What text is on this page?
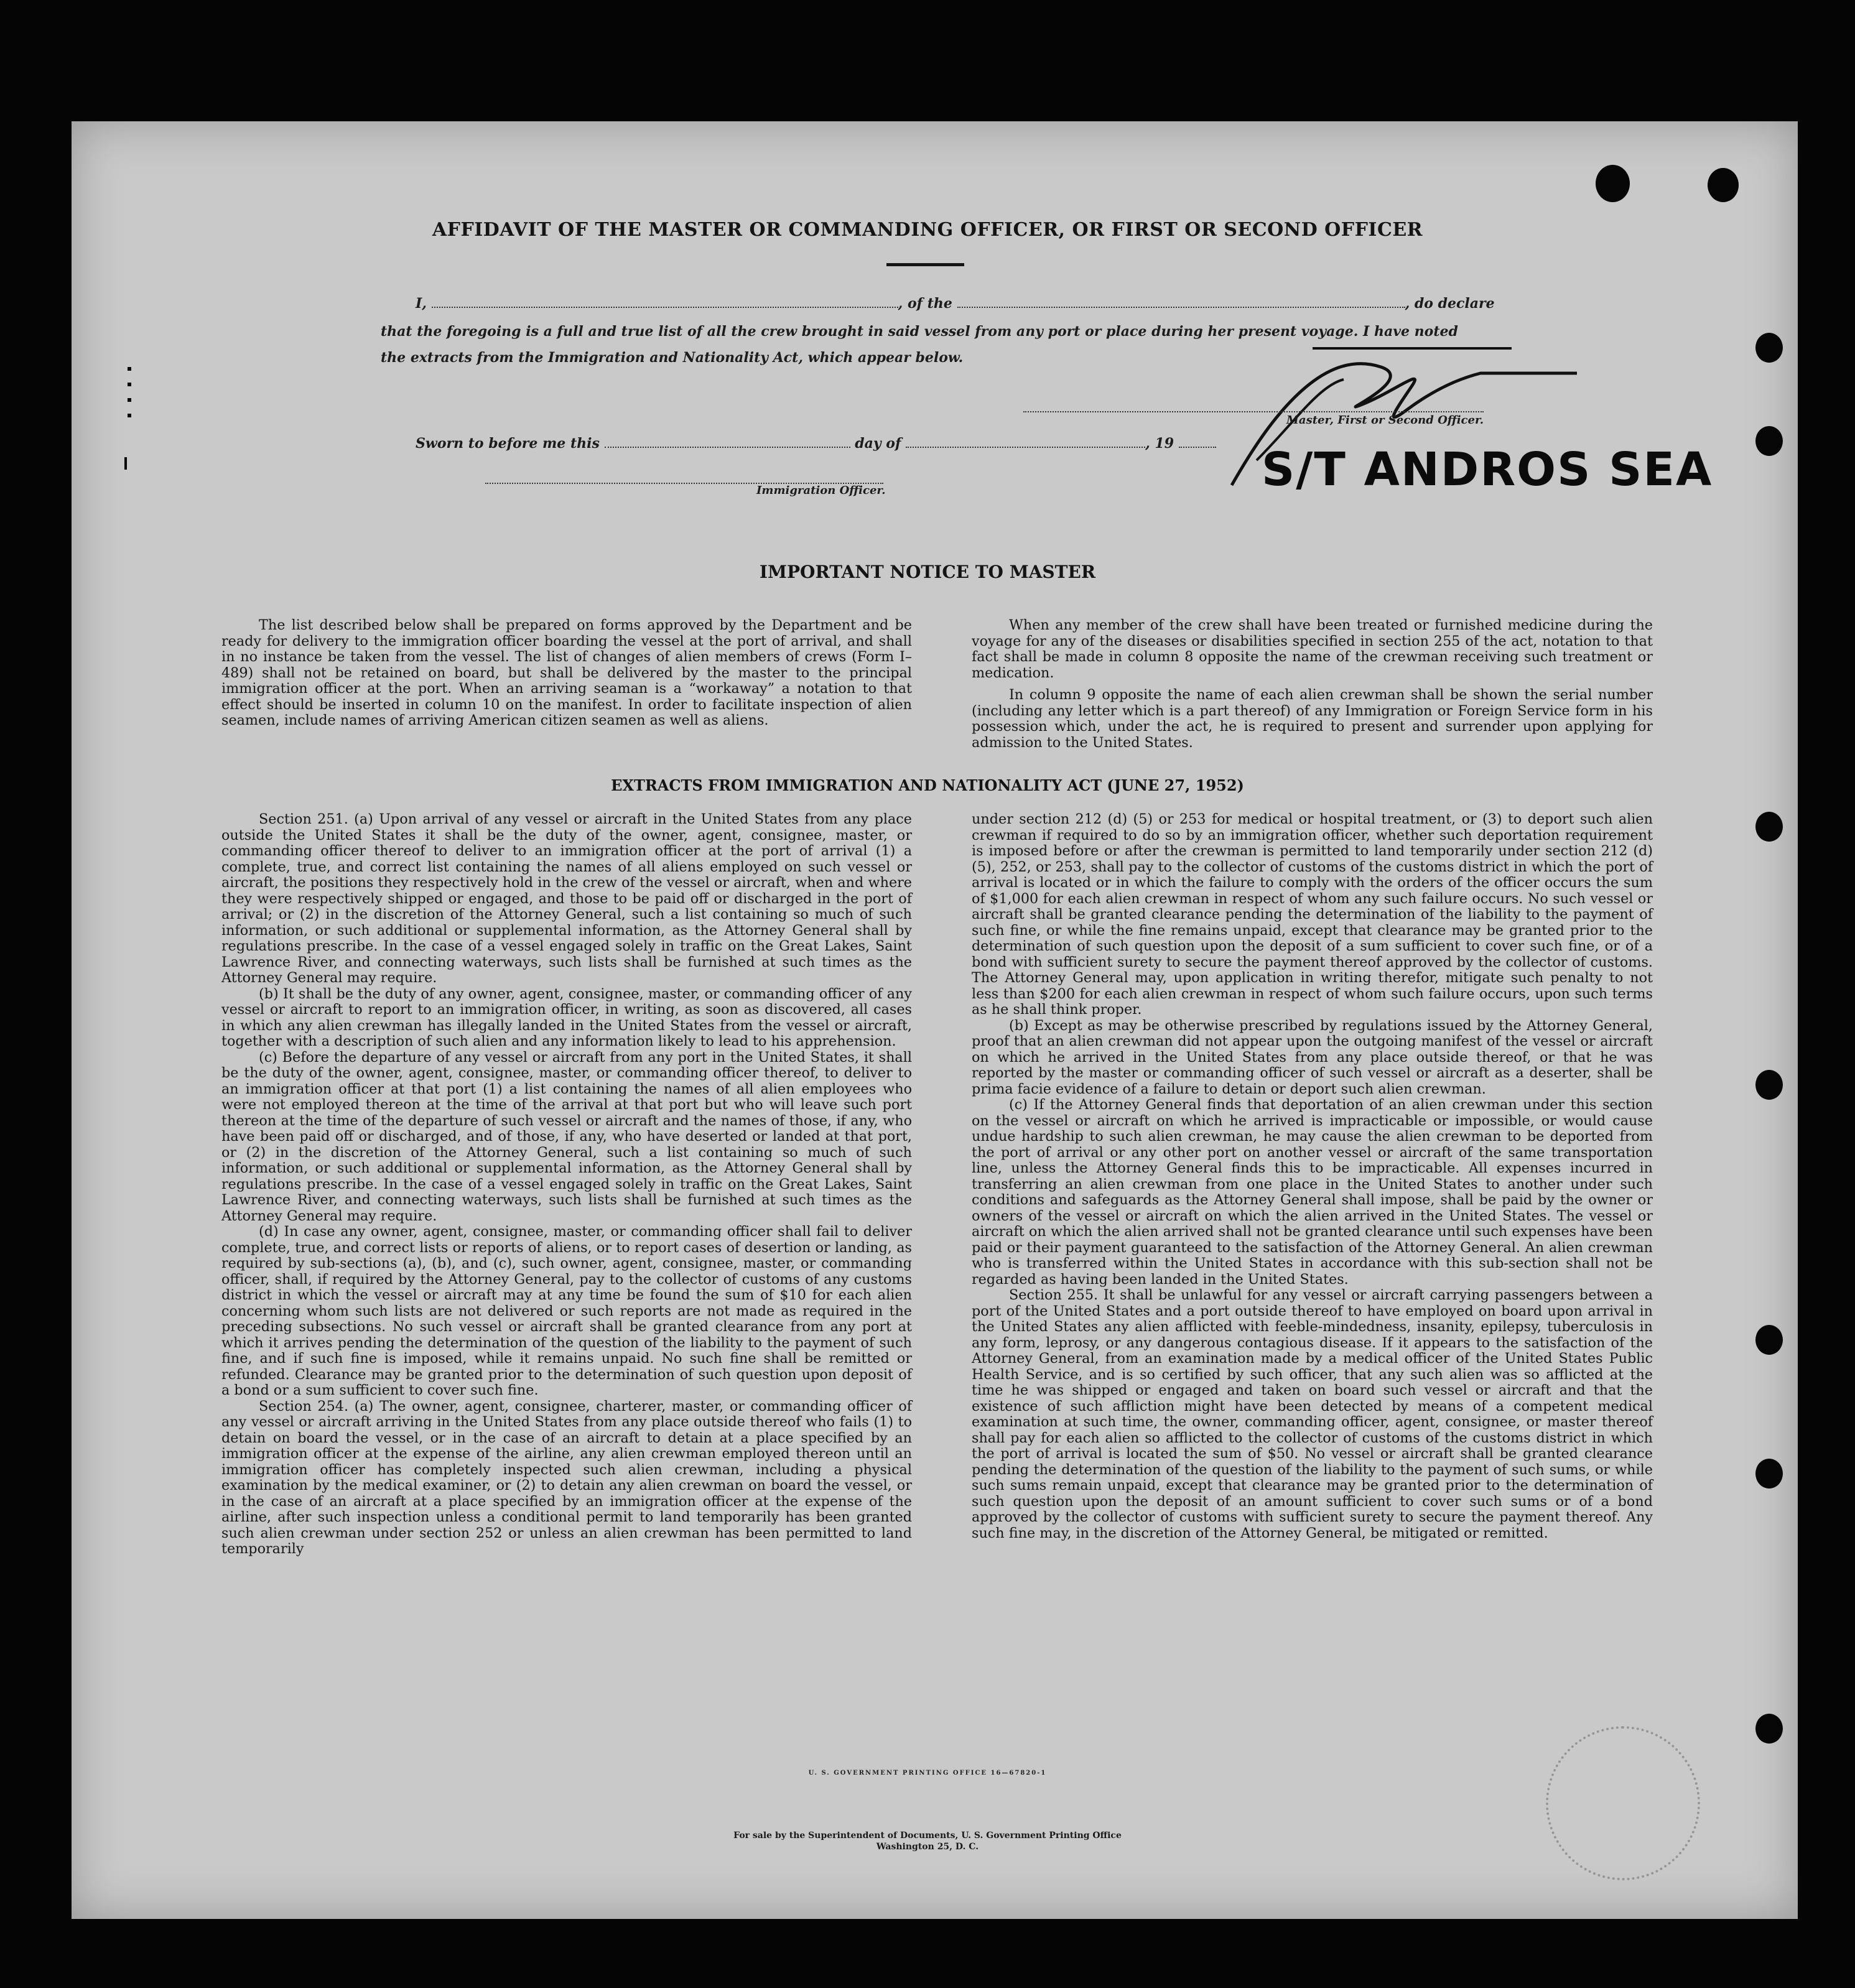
AFFIDAVIT OF THE MASTER OR COMMANDING OFFICER, OR FIRST OR SECOND OFFICER
I,	, of the	, do declare
that the foregoing is a full and true list of all the crew brought in said vessel from any port or place during her present voyage. I have noted
the extracts from the Immigration and Nationality Act, which appear below.
Master, First or Second Officer.
Sworn to before me this	day of	, 19
Immigration Officer.	S/T ANDROS SEA
IMPORTANT NOTICE TO MASTER

The list described below shall be prepared on forms approved by the Department and be ready for delivery to the immigration officer boarding the vessel at the port of arrival, and shall in no instance be taken from the vessel. The list of changes of alien members of crews (Form I–489) shall not be retained on board, but shall be delivered by the master to the principal immigration officer at the port. When an arriving seaman is a “workaway” a notation to that effect should be inserted in column 10 on the manifest. In order to facilitate inspection of alien seamen, include names of arriving American citizen seamen as well as aliens.

When any member of the crew shall have been treated or furnished medicine during the voyage for any of the diseases or disabilities specified in section 255 of the act, notation to that fact shall be made in column 8 opposite the name of the crewman receiving such treatment or medication.

In column 9 opposite the name of each alien crewman shall be shown the serial number (including any letter which is a part thereof) of any Immigration or Foreign Service form in his possession which, under the act, he is required to present and surrender upon applying for admission to the United States.

EXTRACTS FROM IMMIGRATION AND NATIONALITY ACT (JUNE 27, 1952)

Section 251. (a) Upon arrival of any vessel or aircraft in the United States from any place outside the United States it shall be the duty of the owner, agent, consignee, master, or commanding officer thereof to deliver to an immigration officer at the port of arrival (1) a complete, true, and correct list containing the names of all aliens employed on such vessel or aircraft, the positions they respectively hold in the crew of the vessel or aircraft, when and where they were respectively shipped or engaged, and those to be paid off or discharged in the port of arrival; or (2) in the discretion of the Attorney General, such a list containing so much of such information, or such additional or supplemental information, as the Attorney General shall by regulations prescribe. In the case of a vessel engaged solely in traffic on the Great Lakes, Saint Lawrence River, and connecting waterways, such lists shall be furnished at such times as the Attorney General may require.

(b) It shall be the duty of any owner, agent, consignee, master, or commanding officer of any vessel or aircraft to report to an immigration officer, in writing, as soon as discovered, all cases in which any alien crewman has illegally landed in the United States from the vessel or aircraft, together with a description of such alien and any information likely to lead to his apprehension.

(c) Before the departure of any vessel or aircraft from any port in the United States, it shall be the duty of the owner, agent, consignee, master, or commanding officer thereof, to deliver to an immigration officer at that port (1) a list containing the names of all alien employees who were not employed thereon at the time of the arrival at that port but who will leave such port thereon at the time of the departure of such vessel or aircraft and the names of those, if any, who have been paid off or discharged, and of those, if any, who have deserted or landed at that port, or (2) in the discretion of the Attorney General, such a list containing so much of such information, or such additional or supplemental information, as the Attorney General shall by regulations prescribe. In the case of a vessel engaged solely in traffic on the Great Lakes, Saint Lawrence River, and connecting waterways, such lists shall be furnished at such times as the Attorney General may require.

(d) In case any owner, agent, consignee, master, or commanding officer shall fail to deliver complete, true, and correct lists or reports of aliens, or to report cases of desertion or landing, as required by sub-sections (a), (b), and (c), such owner, agent, consignee, master, or commanding officer, shall, if required by the Attorney General, pay to the collector of customs of any customs district in which the vessel or aircraft may at any time be found the sum of $10 for each alien concerning whom such lists are not delivered or such reports are not made as required in the preceding subsections. No such vessel or aircraft shall be granted clearance from any port at which it arrives pending the determination of the question of the liability to the payment of such fine, and if such fine is imposed, while it remains unpaid. No such fine shall be remitted or refunded. Clearance may be granted prior to the determination of such question upon deposit of a bond or a sum sufficient to cover such fine.

Section 254. (a) The owner, agent, consignee, charterer, master, or commanding officer of any vessel or aircraft arriving in the United States from any place outside thereof who fails (1) to detain on board the vessel, or in the case of an aircraft to detain at a place specified by an immigration officer at the expense of the airline, any alien crewman employed thereon until an immigration officer has completely inspected such alien crewman, including a physical examination by the medical examiner, or (2) to detain any alien crewman on board the vessel, or in the case of an aircraft at a place specified by an immigration officer at the expense of the airline, after such inspection unless a conditional permit to land temporarily has been granted such alien crewman under section 252 or unless an alien crewman has been permitted to land temporarily

under section 212 (d) (5) or 253 for medical or hospital treatment, or (3) to deport such alien crewman if required to do so by an immigration officer, whether such deportation requirement is imposed before or after the crewman is permitted to land temporarily under section 212 (d) (5), 252, or 253, shall pay to the collector of customs of the customs district in which the port of arrival is located or in which the failure to comply with the orders of the officer occurs the sum of $1,000 for each alien crewman in respect of whom any such failure occurs. No such vessel or aircraft shall be granted clearance pending the determination of the liability to the payment of such fine, or while the fine remains unpaid, except that clearance may be granted prior to the determination of such question upon the deposit of a sum sufficient to cover such fine, or of a bond with sufficient surety to secure the payment thereof approved by the collector of customs. The Attorney General may, upon application in writing therefor, mitigate such penalty to not less than $200 for each alien crewman in respect of whom such failure occurs, upon such terms as he shall think proper.

(b) Except as may be otherwise prescribed by regulations issued by the Attorney General, proof that an alien crewman did not appear upon the outgoing manifest of the vessel or aircraft on which he arrived in the United States from any place outside thereof, or that he was reported by the master or commanding officer of such vessel or aircraft as a deserter, shall be prima facie evidence of a failure to detain or deport such alien crewman.

(c) If the Attorney General finds that deportation of an alien crewman under this section on the vessel or aircraft on which he arrived is impracticable or impossible, or would cause undue hardship to such alien crewman, he may cause the alien crewman to be deported from the port of arrival or any other port on another vessel or aircraft of the same transportation line, unless the Attorney General finds this to be impracticable. All expenses incurred in transferring an alien crewman from one place in the United States to another under such conditions and safeguards as the Attorney General shall impose, shall be paid by the owner or owners of the vessel or aircraft on which the alien arrived in the United States. The vessel or aircraft on which the alien arrived shall not be granted clearance until such expenses have been paid or their payment guaranteed to the satisfaction of the Attorney General. An alien crewman who is transferred within the United States in accordance with this sub-section shall not be regarded as having been landed in the United States.

Section 255. It shall be unlawful for any vessel or aircraft carrying passengers between a port of the United States and a port outside thereof to have employed on board upon arrival in the United States any alien afflicted with feeble-mindedness, insanity, epilepsy, tuberculosis in any form, leprosy, or any dangerous contagious disease. If it appears to the satisfaction of the Attorney General, from an examination made by a medical officer of the United States Public Health Service, and is so certified by such officer, that any such alien was so afflicted at the time he was shipped or engaged and taken on board such vessel or aircraft and that the existence of such affliction might have been detected by means of a competent medical examination at such time, the owner, commanding officer, agent, consignee, or master thereof shall pay for each alien so afflicted to the collector of customs of the customs district in which the port of arrival is located the sum of $50. No vessel or aircraft shall be granted clearance pending the determination of the question of the liability to the payment of such sums, or while such sums remain unpaid, except that clearance may be granted prior to the determination of such question upon the deposit of an amount sufficient to cover such sums or of a bond approved by the collector of customs with sufficient surety to secure the payment thereof. Any such fine may, in the discretion of the Attorney General, be mitigated or remitted.

U. S. GOVERNMENT PRINTING OFFICE 16—67820-1
For sale by the Superintendent of Documents, U. S. Government Printing Office
Washington 25, D. C.
